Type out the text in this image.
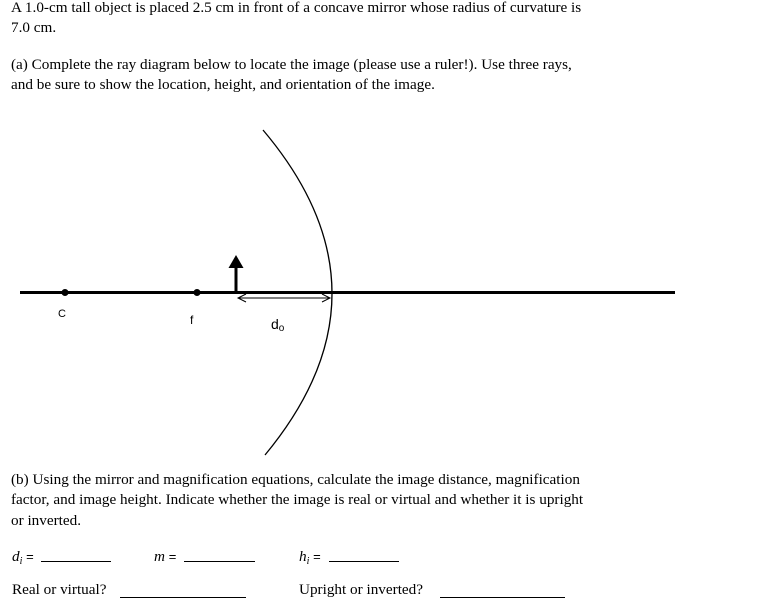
A 1.0-cm tall object is placed 2.5 cm in front of a concave mirror whose radius of curvature is
7.0 cm.
(a) Complete the ray diagram below to locate the image (please use a ruler!). Use three rays,
and be sure to show the location, height, and orientation of the image.
C	f	do
(b) Using the mirror and magnification equations, calculate the image distance, magnification
factor, and image height. Indicate whether the image is real or virtual and whether it is upright
or inverted.
di =	m =	hi =
Real or virtual?	Upright or inverted?
